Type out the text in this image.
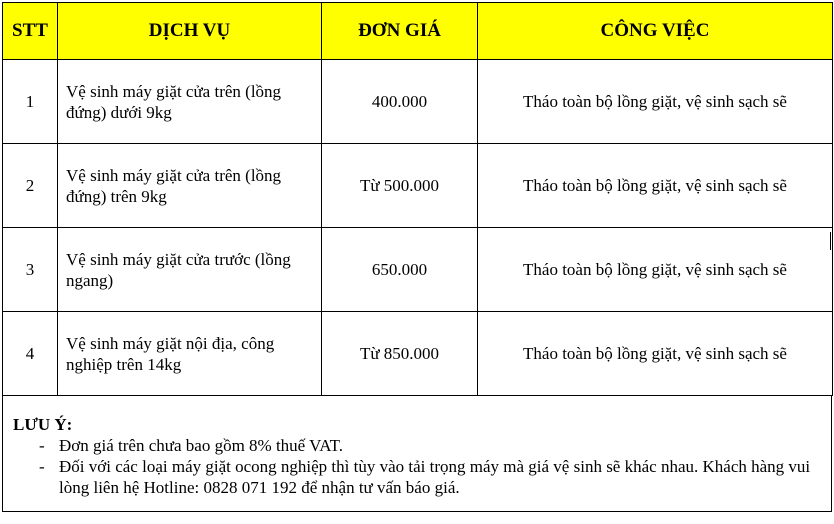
STT	DỊCH VỤ	ĐƠN GIÁ	CÔNG VIỆC
1	Vệ sinh máy giặt cửa trên (lồng đứng) dưới 9kg	400.000	Tháo toàn bộ lồng giặt, vệ sinh sạch sẽ
2	Vệ sinh máy giặt cửa trên (lồng đứng) trên 9kg	Từ 500.000	Tháo toàn bộ lồng giặt, vệ sinh sạch sẽ
3	Vệ sinh máy giặt cửa trước (lồng ngang)	650.000	Tháo toàn bộ lồng giặt, vệ sinh sạch sẽ
4	Vệ sinh máy giặt nội địa, công nghiệp trên 14kg	Từ 850.000	Tháo toàn bộ lồng giặt, vệ sinh sạch sẽ
LƯU Ý:
- Đơn giá trên chưa bao gồm 8% thuế VAT.
- Đối với các loại máy giặt ocong nghiệp thì tùy vào tải trọng máy mà giá vệ sinh sẽ khác nhau. Khách hàng vui lòng liên hệ Hotline: 0828 071 192 để nhận tư vấn báo giá.
